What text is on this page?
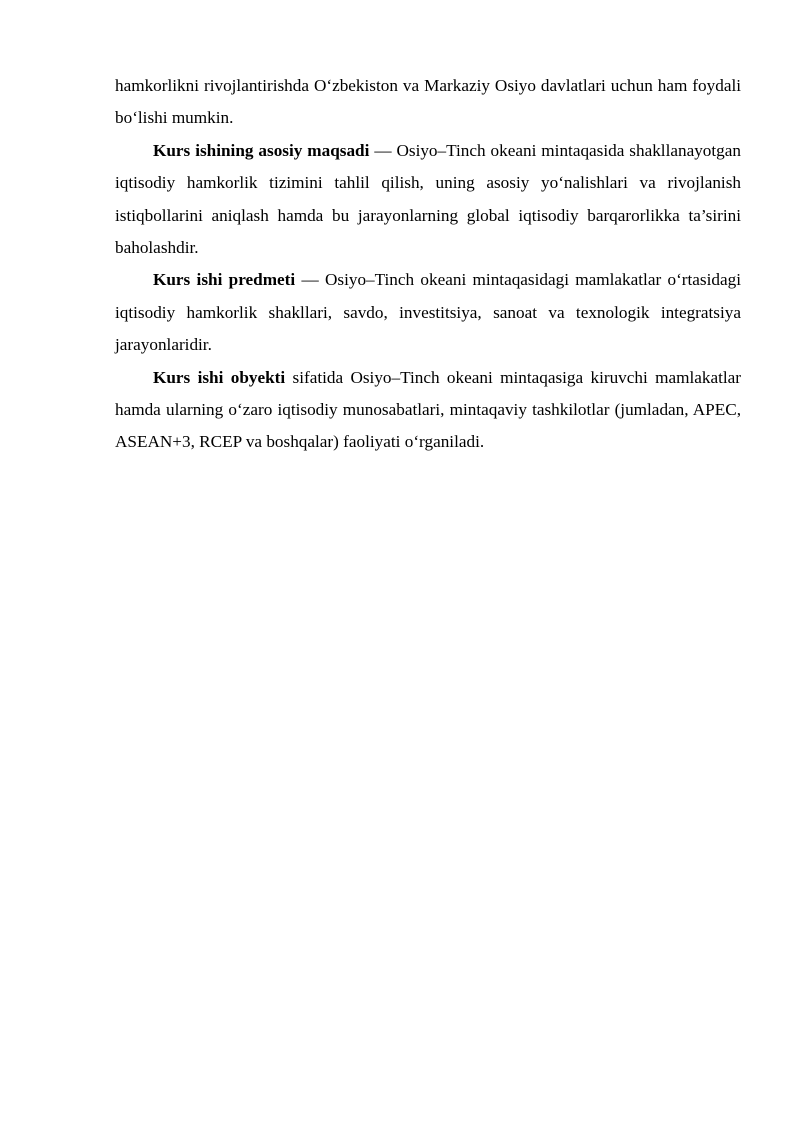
hamkorlikni rivojlantirishda O‘zbekiston va Markaziy Osiyo davlatlari uchun ham foydali bo‘lishi mumkin.

Kurs ishining asosiy maqsadi — Osiyo–Tinch okeani mintaqasida shakllanayotgan iqtisodiy hamkorlik tizimini tahlil qilish, uning asosiy yo‘nalishlari va rivojlanish istiqbollarini aniqlash hamda bu jarayonlarning global iqtisodiy barqarorlikka ta’sirini baholashdir.

Kurs ishi predmeti — Osiyo–Tinch okeani mintaqasidagi mamlakatlar o‘rtasidagi iqtisodiy hamkorlik shakllari, savdo, investitsiya, sanoat va texnologik integratsiya jarayonlaridir.

Kurs ishi obyekti sifatida Osiyo–Tinch okeani mintaqasiga kiruvchi mamlakatlar hamda ularning o‘zaro iqtisodiy munosabatlari, mintaqaviy tashkilotlar (jumladan, APEC, ASEAN+3, RCEP va boshqalar) faoliyati o‘rganiladi.
